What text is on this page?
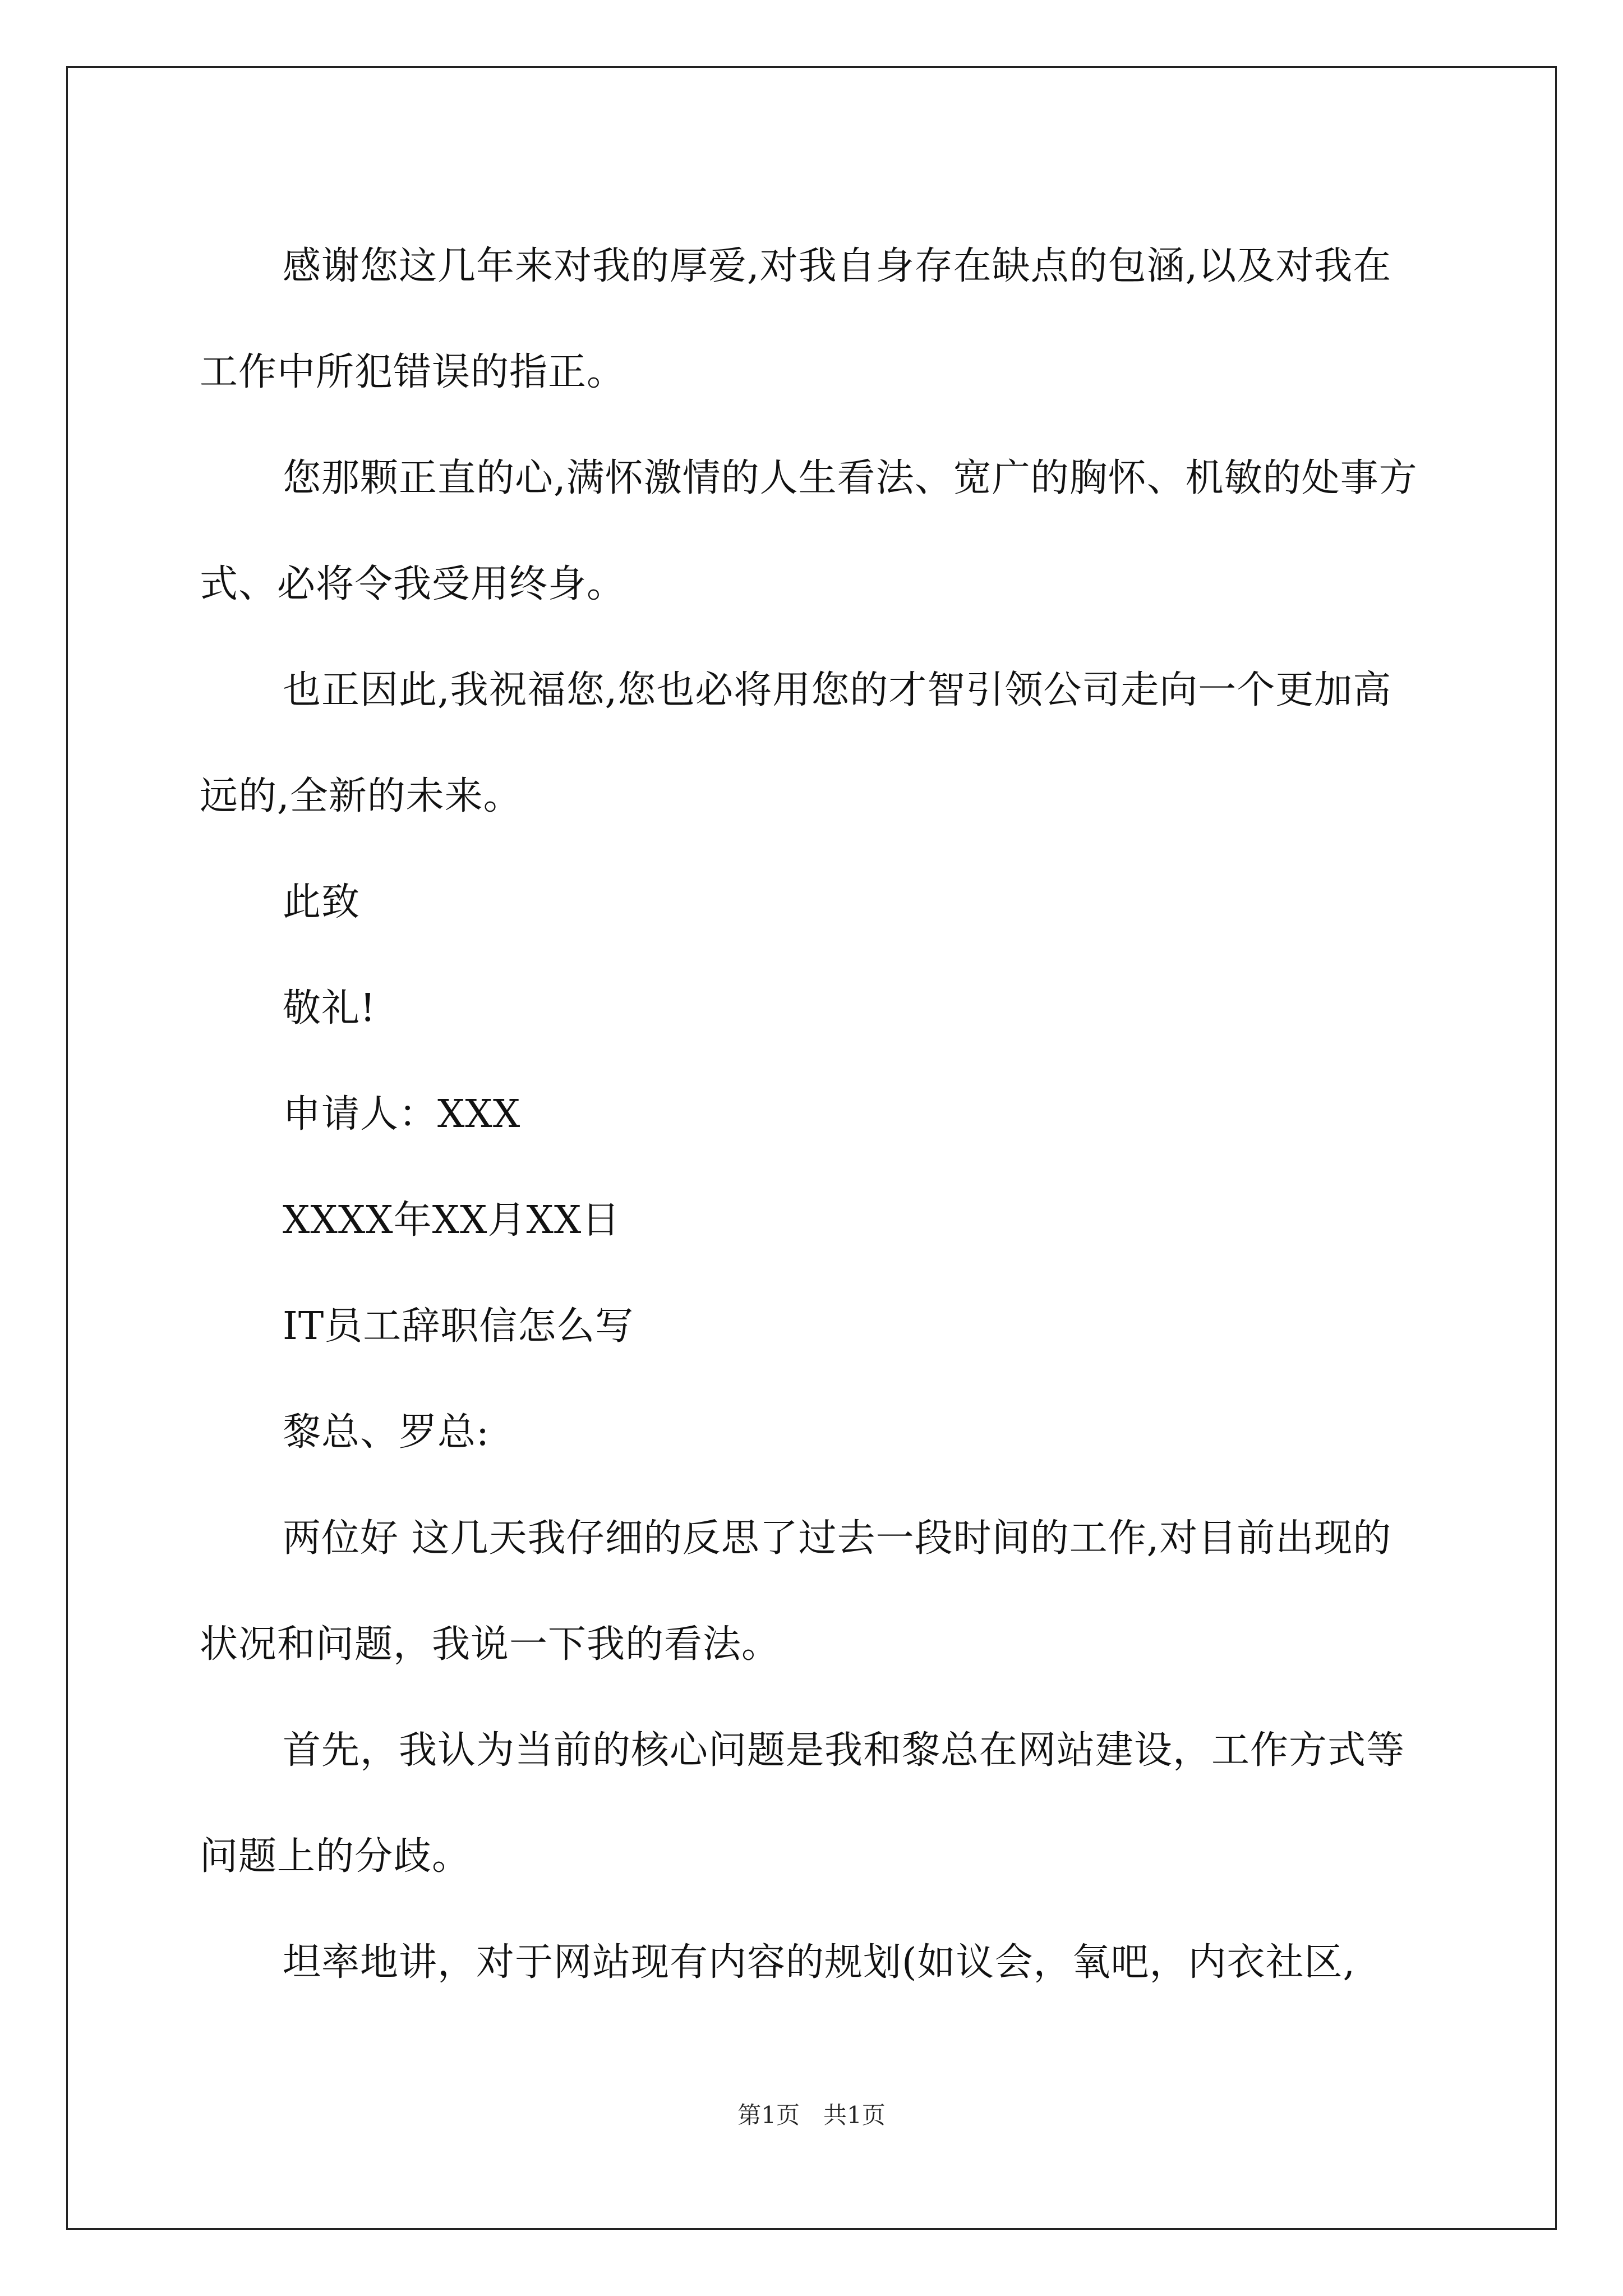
感谢您这几年来对我的厚爱,对我自身存在缺点的包涵,以及对我在工作中所犯错误的指正。

您那颗正直的心,满怀激情的人生看法、宽广的胸怀、机敏的处事方式、必将令我受用终身。

也正因此,我祝福您,您也必将用您的才智引领公司走向一个更加高远的,全新的未来。

此致

敬礼!

申请人：XXX

XXXX年XX月XX日

IT员工辞职信怎么写

黎总、罗总:

两位好 这几天我仔细的反思了过去一段时间的工作,对目前出现的状况和问题，我说一下我的看法。

首先，我认为当前的核心问题是我和黎总在网站建设，工作方式等问题上的分歧。

坦率地讲，对于网站现有内容的规划(如议会，氧吧，内衣社区,

第1页　共1页
